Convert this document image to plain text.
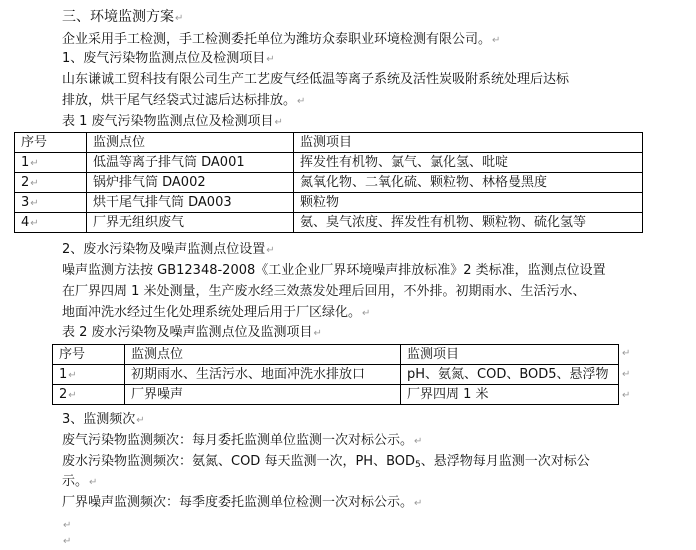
三、环境监测方案↵
企业采用手工检测，手工检测委托单位为潍坊众泰职业环境检测有限公司。↵
1、废气污染物监测点位及检测项目↵
山东谦诚工贸科技有限公司生产工艺废气经低温等离子系统及活性炭吸附系统处理后达标
排放，烘干尾气经袋式过滤后达标排放。↵
表 1 废气污染物监测点位及检测项目↵
序号	监测点位	监测项目
1↵	低温等离子排气筒 DA001	挥发性有机物、氯气、氯化氢、吡啶
2↵	锅炉排气筒 DA002	氮氧化物、二氧化硫、颗粒物、林格曼黑度
3↵	烘干尾气排气筒 DA003	颗粒物
4↵	厂界无组织废气	氨、臭气浓度、挥发性有机物、颗粒物、硫化氢等
2、废水污染物及噪声监测点位设置↵
噪声监测方法按 GB12348-2008《工业企业厂界环境噪声排放标准》2 类标准，监测点位设置
在厂界四周 1 米处测量，生产废水经三效蒸发处理后回用，不外排。初期雨水、生活污水、
地面冲洗水经过生化处理系统处理后用于厂区绿化。↵
表 2 废水污染物及噪声监测点位及监测项目↵
序号	监测点位	监测项目
1↵	初期雨水、生活污水、地面冲洗水排放口	pH、氨氮、COD、BOD5、悬浮物
2↵	厂界噪声	厂界四周 1 米
↵
↵
↵
3、监测频次↵
废气污染物监测频次：每月委托监测单位监测一次对标公示。↵
废水污染物监测频次：氨氮、COD 每天监测一次，PH、$BOD_5$、悬浮物每月监测一次对标公
示。↵
厂界噪声监测频次：每季度委托监测单位检测一次对标公示。↵
↵
↵
